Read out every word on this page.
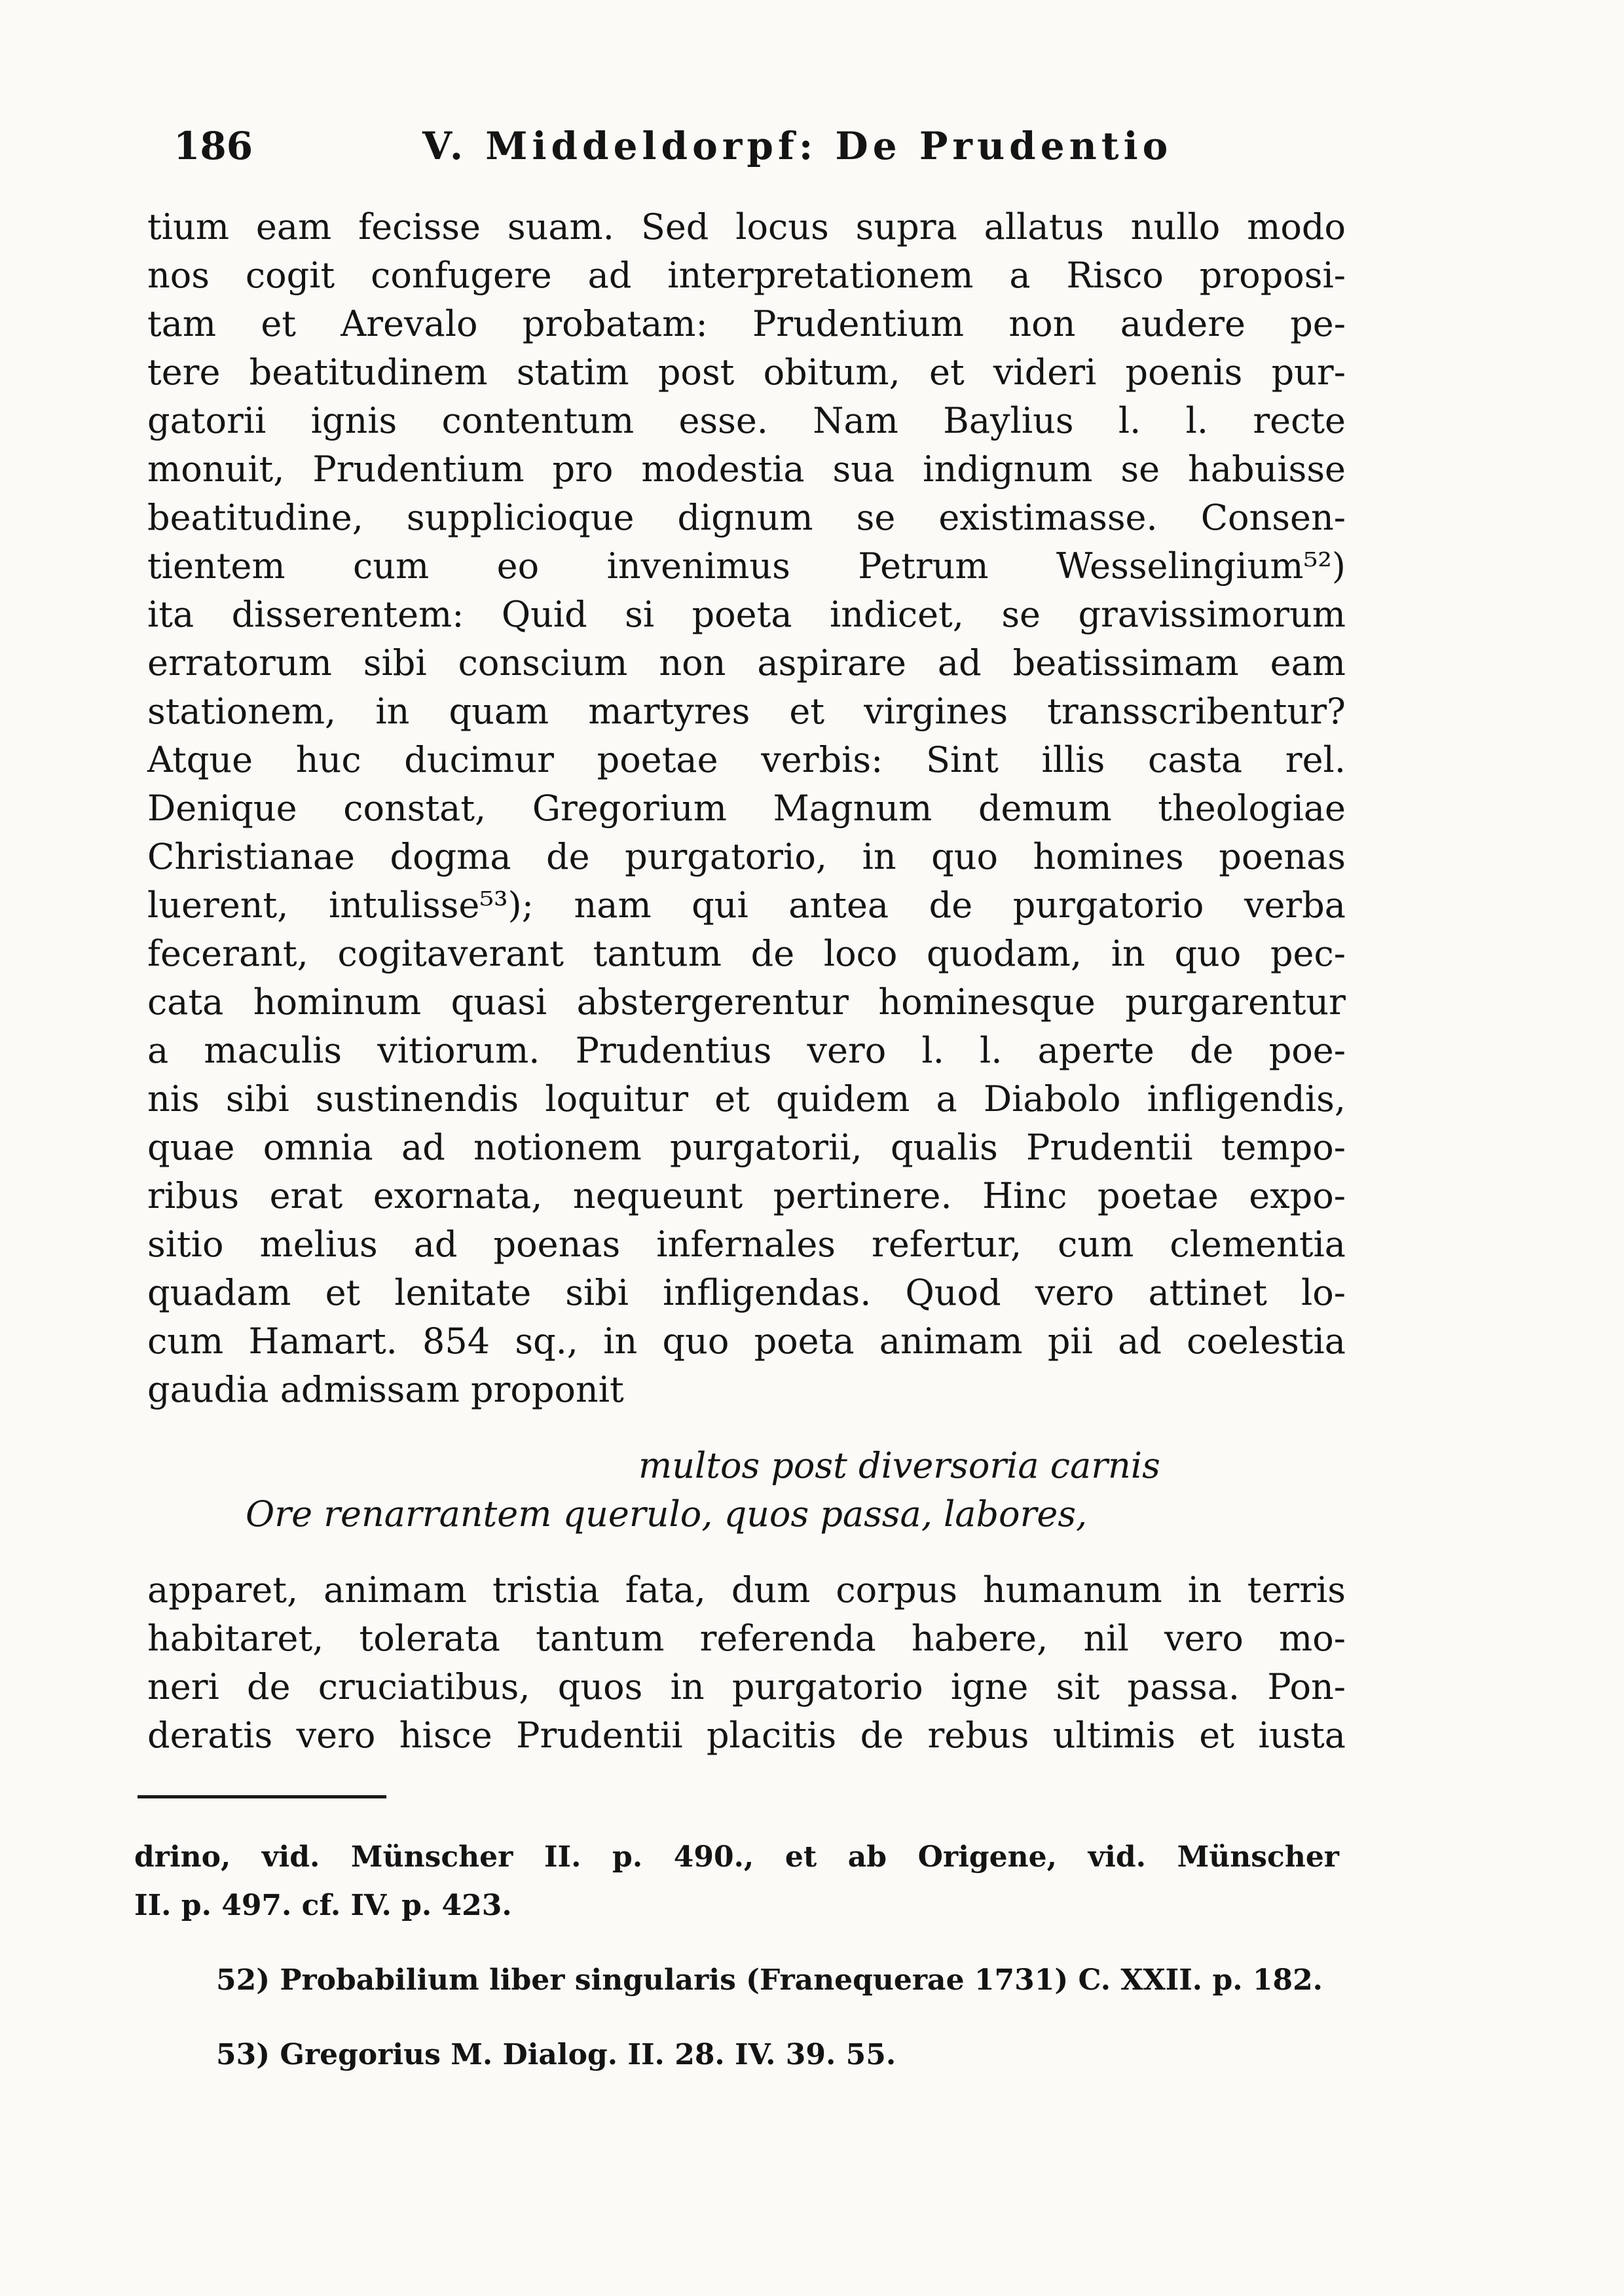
186	V. Middeldorpf: De Prudentio
tium eam fecisse suam. Sed locus supra allatus nullo modo
nos cogit confugere ad interpretationem a Risco proposi-
tam et Arevalo probatam: Prudentium non audere pe-
tere beatitudinem statim post obitum, et videri poenis pur-
gatorii ignis contentum esse. Nam Baylius l. l. recte
monuit, Prudentium pro modestia sua indignum se habuisse
beatitudine, supplicioque dignum se existimasse. Consen-
tientem cum eo invenimus Petrum Wesselingium⁵²)
ita disserentem: Quid si poeta indicet, se gravissimorum
erratorum sibi conscium non aspirare ad beatissimam eam
stationem, in quam martyres et virgines transscribentur?
Atque huc ducimur poetae verbis: Sint illis casta rel.
Denique constat, Gregorium Magnum demum theologiae
Christianae dogma de purgatorio, in quo homines poenas
luerent, intulisse⁵³); nam qui antea de purgatorio verba
fecerant, cogitaverant tantum de loco quodam, in quo pec-
cata hominum quasi abstergerentur hominesque purgarentur
a maculis vitiorum. Prudentius vero l. l. aperte de poe-
nis sibi sustinendis loquitur et quidem a Diabolo infligendis,
quae omnia ad notionem purgatorii, qualis Prudentii tempo-
ribus erat exornata, nequeunt pertinere. Hinc poetae expo-
sitio melius ad poenas infernales refertur, cum clementia
quadam et lenitate sibi infligendas. Quod vero attinet lo-
cum Hamart. 854 sq., in quo poeta animam pii ad coelestia
gaudia admissam proponit
multos post diversoria carnis
Ore renarrantem querulo, quos passa, labores,
apparet, animam tristia fata, dum corpus humanum in terris
habitaret, tolerata tantum referenda habere, nil vero mo-
neri de cruciatibus, quos in purgatorio igne sit passa. Pon-
deratis vero hisce Prudentii placitis de rebus ultimis et iusta
drino, vid. Münscher II. p. 490., et ab Origene, vid. Münscher
II. p. 497. cf. IV. p. 423.
52) Probabilium liber singularis (Franequerae 1731) C. XXII. p. 182.
53) Gregorius M. Dialog. II. 28. IV. 39. 55.
